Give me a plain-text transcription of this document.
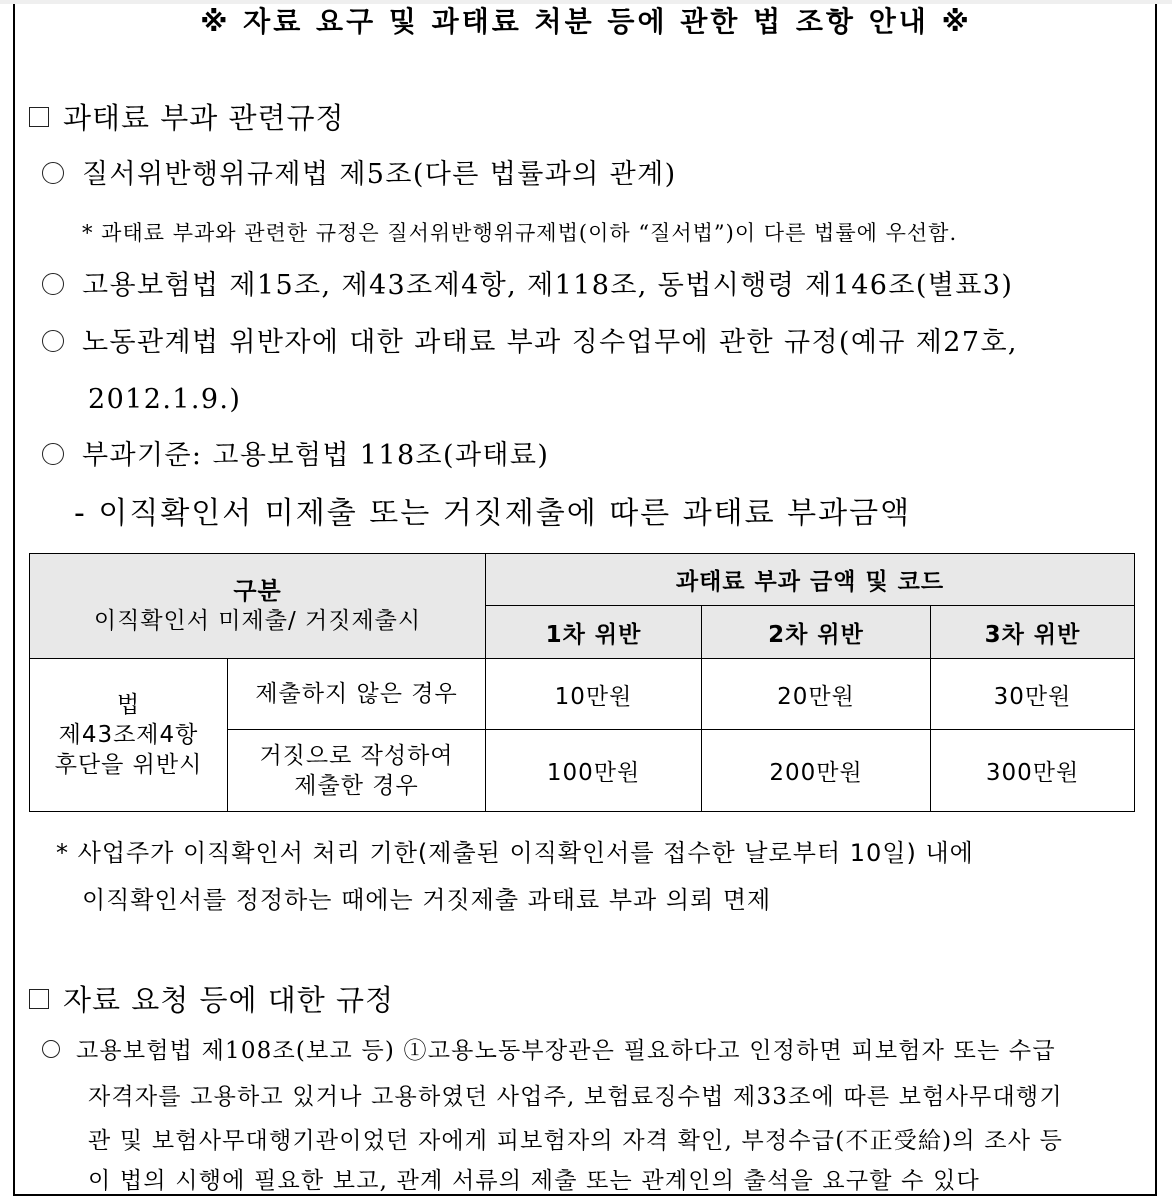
※ 자료 요구 및 과태료 처분 등에 관한 법 조항 안내 ※
과태료 부과 관련규정
질서위반행위규제법 제5조(다른 법률과의 관계)
* 과태료 부과와 관련한 규정은 질서위반행위규제법(이하 “질서법”)이 다른 법률에 우선함.
고용보험법 제15조, 제43조제4항, 제118조, 동법시행령 제146조(별표3)
노동관계법 위반자에 대한 과태료 부과 징수업무에 관한 규정(예규 제27호,
2012.1.9.)
부과기준: 고용보험법 118조(과태료)
- 이직확인서 미제출 또는 거짓제출에 따른 과태료 부과금액
구분
이직확인서 미제출/ 거짓제출시		과태료 부과 금액 및 코드		
		1차 위반	2차 위반	3차 위반

법
제43조제4항
후단을 위반시	제출하지 않은 경우	10만원	20만원	30만원

	거짓으로 작성하여
제출한 경우	100만원	200만원	300만원
* 사업주가 이직확인서 처리 기한(제출된 이직확인서를 접수한 날로부터 10일) 내에
이직확인서를 정정하는 때에는 거짓제출 과태료 부과 의뢰 면제
자료 요청 등에 대한 규정
고용보험법 제108조(보고 등) ①고용노동부장관은 필요하다고 인정하면 피보험자 또는 수급
자격자를 고용하고 있거나 고용하였던 사업주, 보험료징수법 제33조에 따른 보험사무대행기
관 및 보험사무대행기관이었던 자에게 피보험자의 자격 확인, 부정수급(不正受給)의 조사 등
이 법의 시행에 필요한 보고, 관계 서류의 제출 또는 관계인의 출석을 요구할 수 있다
